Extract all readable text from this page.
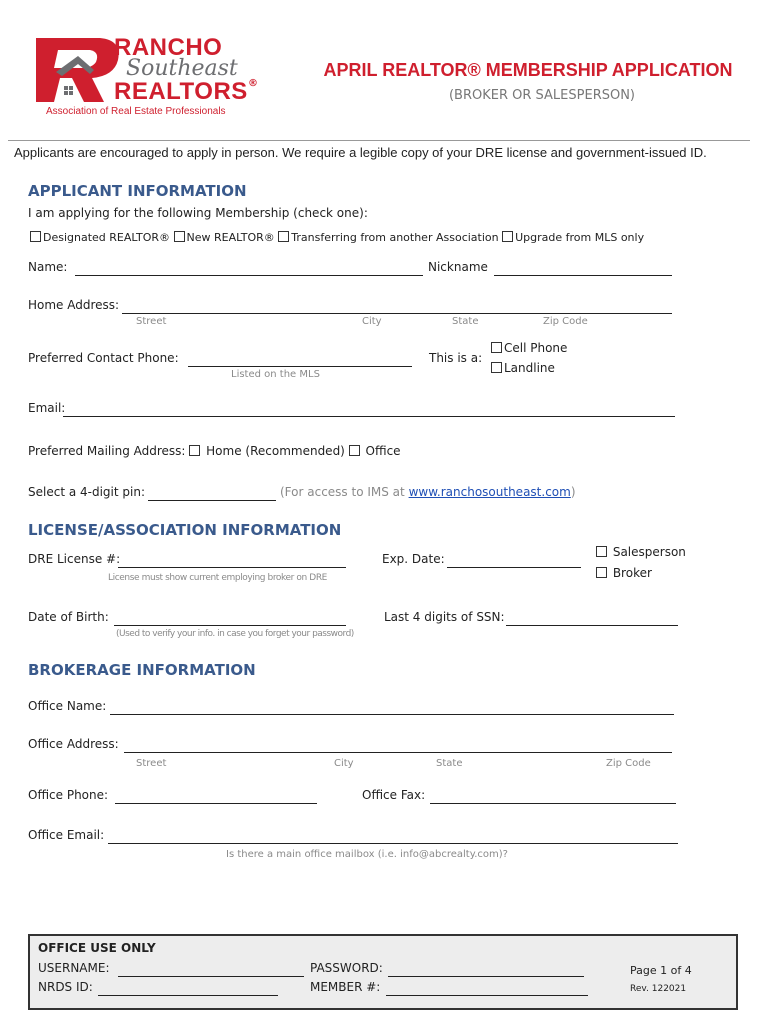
RANCHO
Southeast
REALTORS ®
Association of Real Estate Professionals
APRIL REALTOR® MEMBERSHIP APPLICATION
(BROKER OR SALESPERSON)
Applicants are encouraged to apply in person. We require a legible copy of your DRE license and government-issued ID.
APPLICANT INFORMATION
I am applying for the following Membership (check one):
Designated REALTOR® New REALTOR® Transferring from another Association Upgrade from MLS only
Name:	Nickname
Home Address:
Street	City	State	Zip Code
Preferred Contact Phone:
Listed on the MLS
This is a:
Cell Phone
Landline
Email:
Preferred Mailing Address: Home (Recommended) Office
Select a 4-digit pin:	(For access to IMS at www.ranchosoutheast.com)
LICENSE/ASSOCIATION INFORMATION
DRE License #:
License must show current employing broker on DRE
Exp. Date:	Salesperson
Broker
Date of Birth:
(Used to verify your info. in case you forget your password)
Last 4 digits of SSN:
BROKERAGE INFORMATION
Office Name:
Office Address:
Street	City	State	Zip Code
Office Phone:	Office Fax:
Office Email:
Is there a main office mailbox (i.e. info@abcrealty.com)?
OFFICE USE ONLY
USERNAME:	PASSWORD:
NRDS ID:	MEMBER #:
Page 1 of 4
Rev. 122021
